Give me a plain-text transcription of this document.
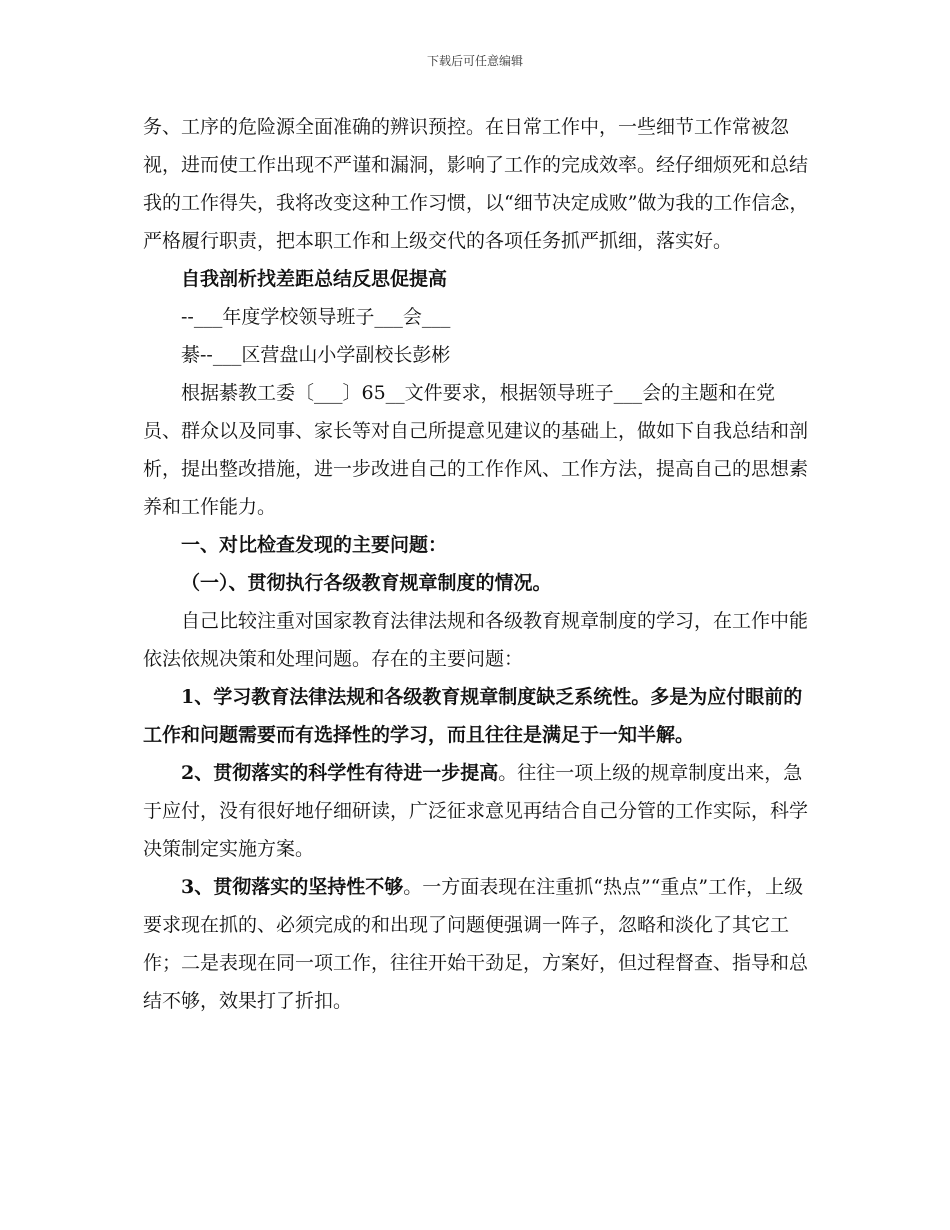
下载后可任意编辑

务、工序的危险源全面准确的辨识预控。在日常工作中，一些细节工作常被忽视，进而使工作出现不严谨和漏洞，影响了工作的完成效率。经仔细烦死和总结我的工作得失，我将改变这种工作习惯，以“细节决定成败”做为我的工作信念，严格履行职责，把本职工作和上级交代的各项任务抓严抓细，落实好。

自我剖析找差距总结反思促提高

--___年度学校领导班子___会___

綦--___区营盘山小学副校长彭彬

根据綦教工委〔___〕65__文件要求，根据领导班子___会的主题和在党员、群众以及同事、家长等对自己所提意见建议的基础上，做如下自我总结和剖析，提出整改措施，进一步改进自己的工作作风、工作方法，提高自己的思想素养和工作能力。

一、对比检查发现的主要问题：

（一）、贯彻执行各级教育规章制度的情况。

自己比较注重对国家教育法律法规和各级教育规章制度的学习，在工作中能依法依规决策和处理问题。存在的主要问题：

1、学习教育法律法规和各级教育规章制度缺乏系统性。多是为应付眼前的工作和问题需要而有选择性的学习，而且往往是满足于一知半解。

2、贯彻落实的科学性有待进一步提高。往往一项上级的规章制度出来，急于应付，没有很好地仔细研读，广泛征求意见再结合自己分管的工作实际，科学决策制定实施方案。

3、贯彻落实的坚持性不够。一方面表现在注重抓“热点”“重点”工作，上级要求现在抓的、必须完成的和出现了问题便强调一阵子，忽略和淡化了其它工作；二是表现在同一项工作，往往开始干劲足，方案好，但过程督查、指导和总结不够，效果打了折扣。
